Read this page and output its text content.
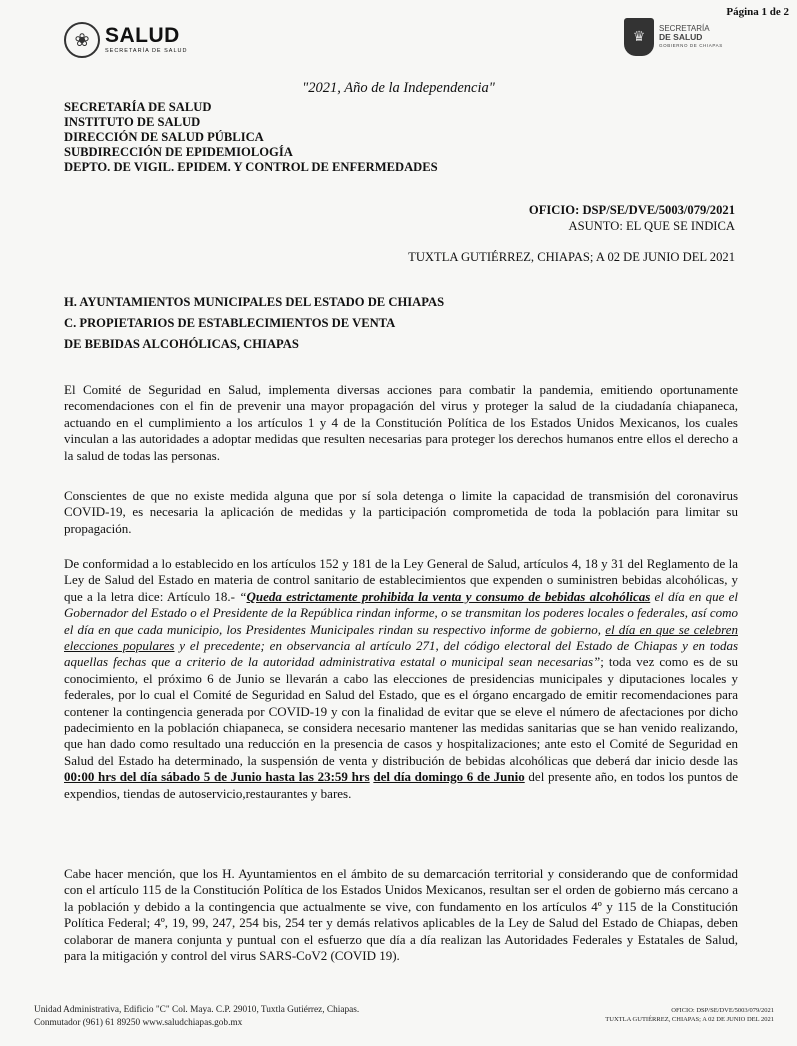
Página 1 de 2
❀ SALUD
SECRETARÍA DE SALUD
♛
SECRETARÍA
DE SALUD
GOBIERNO DE CHIAPAS
"2021, Año de la Independencia"
SECRETARÍA DE SALUD
INSTITUTO DE SALUD
DIRECCIÓN DE SALUD PÚBLICA
SUBDIRECCIÓN DE EPIDEMIOLOGÍA
DEPTO. DE VIGIL. EPIDEM. Y CONTROL DE ENFERMEDADES
OFICIO: DSP/SE/DVE/5003/079/2021
ASUNTO: EL QUE SE INDICA
TUXTLA GUTIÉRREZ, CHIAPAS; A 02 DE JUNIO DEL 2021
H. AYUNTAMIENTOS MUNICIPALES DEL ESTADO DE CHIAPAS
C. PROPIETARIOS DE ESTABLECIMIENTOS DE VENTA
DE BEBIDAS ALCOHÓLICAS, CHIAPAS

El Comité de Seguridad en Salud, implementa diversas acciones para combatir la pandemia, emitiendo oportunamente recomendaciones con el fin de prevenir una mayor propagación del virus y proteger la salud de la ciudadanía chiapaneca, actuando en el cumplimiento a los artículos 1 y 4 de la Constitución Política de los Estados Unidos Mexicanos, los cuales vinculan a las autoridades a adoptar medidas que resulten necesarias para proteger los derechos humanos entre ellos el derecho a la salud de todas las personas.

Conscientes de que no existe medida alguna que por sí sola detenga o limite la capacidad de transmisión del coronavirus COVID-19, es necesaria la aplicación de medidas y la participación comprometida de toda la población para limitar su propagación.

De conformidad a lo establecido en los artículos 152 y 181 de la Ley General de Salud, artículos 4, 18 y 31 del Reglamento de la Ley de Salud del Estado en materia de control sanitario de establecimientos que expenden o suministren bebidas alcohólicas, y que a la letra dice: Artículo 18.- “Queda estrictamente prohibida la venta y consumo de bebidas alcohólicas el día en que el Gobernador del Estado o el Presidente de la República rindan informe, o se transmitan los poderes locales o federales, así como el día en que cada municipio, los Presidentes Municipales rindan su respectivo informe de gobierno, el día en que se celebren elecciones populares y el precedente; en observancia al artículo 271, del código electoral del Estado de Chiapas y en todas aquellas fechas que a criterio de la autoridad administrativa estatal o municipal sean necesarias”; toda vez como es de su conocimiento, el próximo 6 de Junio se llevarán a cabo las elecciones de presidencias municipales y diputaciones locales y federales, por lo cual el Comité de Seguridad en Salud del Estado, que es el órgano encargado de emitir recomendaciones para contener la contingencia generada por COVID-19 y con la finalidad de evitar que se eleve el número de afectaciones por dicho padecimiento en la población chiapaneca, se considera necesario mantener las medidas sanitarias que se han venido realizando, que han dado como resultado una reducción en la presencia de casos y hospitalizaciones; ante esto el Comité de Seguridad en Salud del Estado ha determinado, la suspensión de venta y distribución de bebidas alcohólicas que deberá dar inicio desde las 00:00 hrs del día sábado 5 de Junio hasta las 23:59 hrs del día domingo 6 de Junio del presente año, en todos los puntos de expendios, tiendas de autoservicio,restaurantes y bares.

Cabe hacer mención, que los H. Ayuntamientos en el ámbito de su demarcación territorial y considerando que de conformidad con el artículo 115 de la Constitución Política de los Estados Unidos Mexicanos, resultan ser el orden de gobierno más cercano a la población y debido a la contingencia que actualmente se vive, con fundamento en los artículos 4º y 115 de la Constitución Política Federal; 4º, 19, 99, 247, 254 bis, 254 ter y demás relativos aplicables de la Ley de Salud del Estado de Chiapas, deben colaborar de manera conjunta y puntual con el esfuerzo que día a día realizan las Autoridades Federales y Estatales de Salud, para la mitigación y control del virus SARS-CoV2 (COVID 19).

Unidad Administrativa, Edificio "C" Col. Maya. C.P. 29010, Tuxtla Gutiérrez, Chiapas.
Conmutador (961) 61 89250 www.saludchiapas.gob.mx
OFICIO: DSP/SE/DVE/5003/079/2021
TUXTLA GUTIÉRREZ, CHIAPAS; A 02 DE JUNIO DEL 2021
